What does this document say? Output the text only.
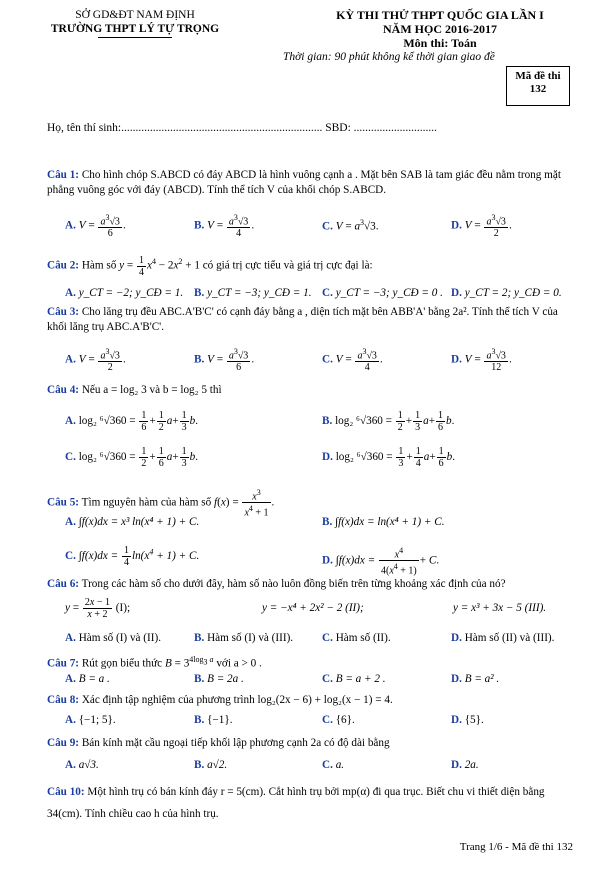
SỞ GD&ĐT NAM ĐỊNH
TRƯỜNG THPT LÝ TỰ TRỌNG
KỲ THI THỬ THPT QUỐC GIA LẦN I
NĂM HỌC 2016-2017
Môn thi: Toán
Thời gian: 90 phút không kể thời gian giao đề
Mã đề thi
132
Họ, tên thí sinh:...................................................................... SBD: .............................
Câu 1: Cho hình chóp S.ABCD có đáy ABCD là hình vuông cạnh a . Mặt bên SAB là tam giác đều nằm trong mặt phẳng vuông góc với đáy (ABCD). Tính thể tích V của khối chóp S.ABCD.
A. $V = \frac{a^3√3}{6}$ .	B. $V = \frac{a^3√3}{4}$ .	C. $V = a^3√3$.	D. $V = \frac{a^3√3}{2}$ .
Câu 2: Hàm số $y = \frac{1}{4} x^4 - 2x^2 + 1$ có giá trị cực tiểu và giá trị cực đại là:
A. y_CT = −2; y_CĐ = 1. B. y_CT = −3; y_CĐ = 1. C. y_CT = −3; y_CĐ = 0 . D. y_CT = 2; y_CĐ = 0.
Câu 3: Cho lăng trụ đều ABC.A'B'C' có cạnh đáy bằng a , diện tích mặt bên ABB'A' bằng 2a². Tính thể tích V của khối lăng trụ ABC.A'B'C'.
A. $V = \frac{a^3√3}{2}$ .	B. $V = \frac{a^3√3}{6}$ .	C. $V = \frac{a^3√3}{4}$ .	D. $V = \frac{a^3√3}{12}$ .
Câu 4: Nếu a = log₂ 3 và b = log₂ 5 thì
A. log₂ $^6√360 = \frac{1}{6} + \frac{1}{2} a+ \frac{1}{3} b$.	B. log₂ $^6√360 = \frac{1}{2} + \frac{1}{3} a+ \frac{1}{6} b$.
C. log₂ $^6√360 = \frac{1}{2} + \frac{1}{6} a+ \frac{1}{3} b$.	D. log₂ $^6√360 = \frac{1}{3} + \frac{1}{4} a+ \frac{1}{6} b$.
Câu 5: Tìm nguyên hàm của hàm số $f(x) = \frac{x^3}{x^4 + 1}$ .
A. ∫f(x)dx = x³ ln(x⁴ + 1) + C.	B. ∫f(x)dx = ln(x⁴ + 1) + C.
C. $\int f(x)dx = \frac{1}{4} \ln(x^4 + 1) + C$.	D. $\int f(x)dx = \frac{x^4}{4(x^4 + 1)} + C$.
Câu 6: Trong các hàm số cho dưới đây, hàm số nào luôn đồng biến trên từng khoảng xác định của nó?
$y = \frac{2x - 1}{x + 2} (I)$;	y = −x⁴ + 2x² − 2 (II);	y = x³ + 3x − 5 (III).
A. Hàm số (I) và (II).	B. Hàm số (I) và (III).	C. Hàm số (II).	D. Hàm số (II) và (III).
Câu 7: Rút gọn biểu thức $B = 3^{4log_3 a}$ với a > 0 .
A. B = a .	B. B = 2a .	C. B = a + 2 .	D. B = a² .
Câu 8: Xác định tập nghiệm của phương trình log₂(2x − 6) + log₂(x − 1) = 4.
A. {−1; 5}.	B. {−1}.	C. {6}.	D. {5}.
Câu 9: Bán kính mặt cầu ngoại tiếp khối lập phương cạnh 2a có độ dài bằng
A. a√3.	B. a√2.	C. a.	D. 2a.
Câu 10: Một hình trụ có bán kính đáy r = 5(cm). Cắt hình trụ bởi mp(α) đi qua trục. Biết chu vi thiết diện bằng 34(cm). Tính chiều cao h của hình trụ.
Trang 1/6 - Mã đề thi 132
